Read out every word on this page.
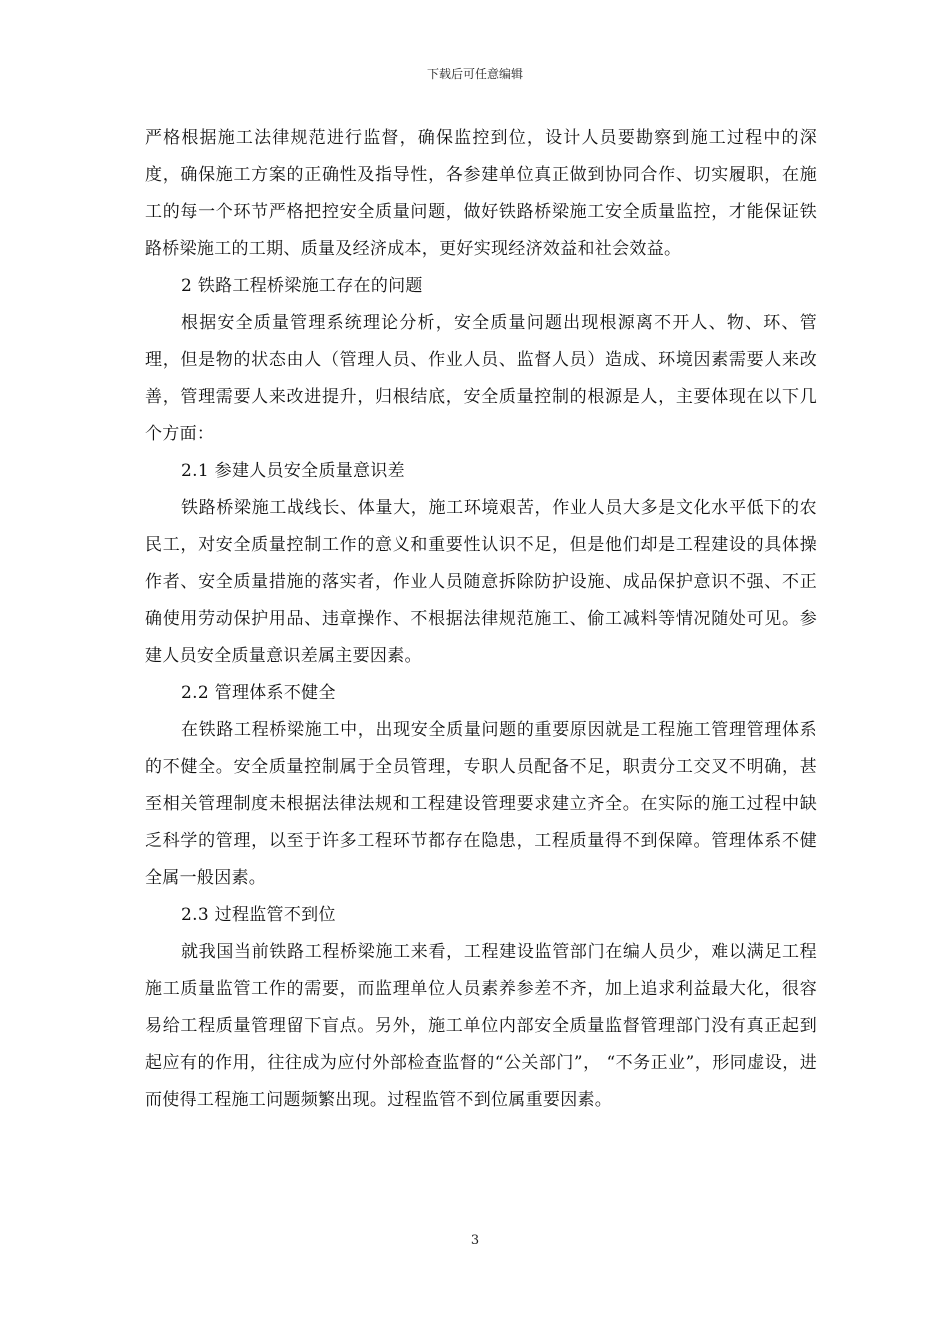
下载后可任意编辑

严格根据施工法律规范进行监督，确保监控到位，设计人员要勘察到施工过程中的深度，确保施工方案的正确性及指导性，各参建单位真正做到协同合作、切实履职，在施工的每一个环节严格把控安全质量问题，做好铁路桥梁施工安全质量监控，才能保证铁路桥梁施工的工期、质量及经济成本，更好实现经济效益和社会效益。

2 铁路工程桥梁施工存在的问题

根据安全质量管理系统理论分析，安全质量问题出现根源离不开人、物、环、管理，但是物的状态由人（管理人员、作业人员、监督人员）造成、环境因素需要人来改善，管理需要人来改进提升，归根结底，安全质量控制的根源是人，主要体现在以下几个方面：

2.1 参建人员安全质量意识差

铁路桥梁施工战线长、体量大，施工环境艰苦，作业人员大多是文化水平低下的农民工，对安全质量控制工作的意义和重要性认识不足，但是他们却是工程建设的具体操作者、安全质量措施的落实者，作业人员随意拆除防护设施、成品保护意识不强、不正确使用劳动保护用品、违章操作、不根据法律规范施工、偷工减料等情况随处可见。参建人员安全质量意识差属主要因素。

2.2 管理体系不健全

在铁路工程桥梁施工中，出现安全质量问题的重要原因就是工程施工管理管理体系的不健全。安全质量控制属于全员管理，专职人员配备不足，职责分工交叉不明确，甚至相关管理制度未根据法律法规和工程建设管理要求建立齐全。在实际的施工过程中缺乏科学的管理，以至于许多工程环节都存在隐患，工程质量得不到保障。管理体系不健全属一般因素。

2.3 过程监管不到位

就我国当前铁路工程桥梁施工来看，工程建设监管部门在编人员少，难以满足工程施工质量监管工作的需要，而监理单位人员素养参差不齐，加上追求利益最大化，很容易给工程质量管理留下盲点。另外，施工单位内部安全质量监督管理部门没有真正起到起应有的作用，往往成为应付外部检查监督的“公关部门”， “不务正业”，形同虚设，进而使得工程施工问题频繁出现。过程监管不到位属重要因素。

3
